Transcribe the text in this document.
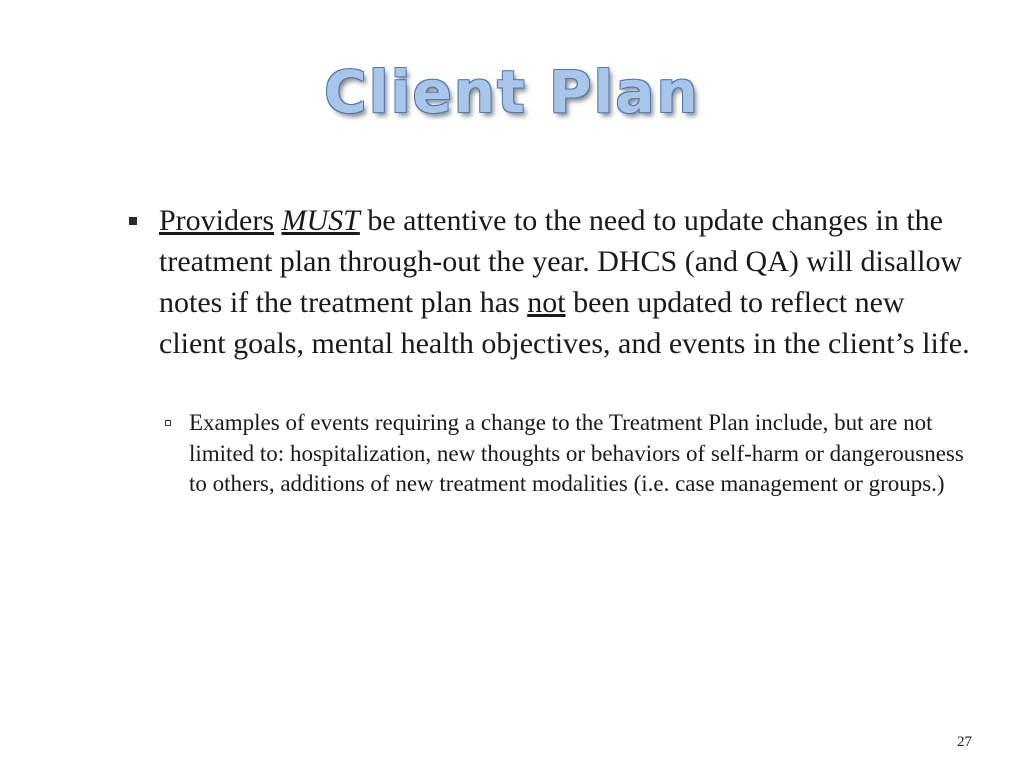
Client Plan
Providers MUST be attentive to the need to update changes in the treatment plan through-out the year. DHCS (and QA) will disallow notes if the treatment plan has not been updated to reflect new client goals, mental health objectives, and events in the client’s life.
Examples of events requiring a change to the Treatment Plan include, but are not limited to: hospitalization, new thoughts or behaviors of self-harm or dangerousness to others, additions of new treatment modalities (i.e. case management or groups.)
27
